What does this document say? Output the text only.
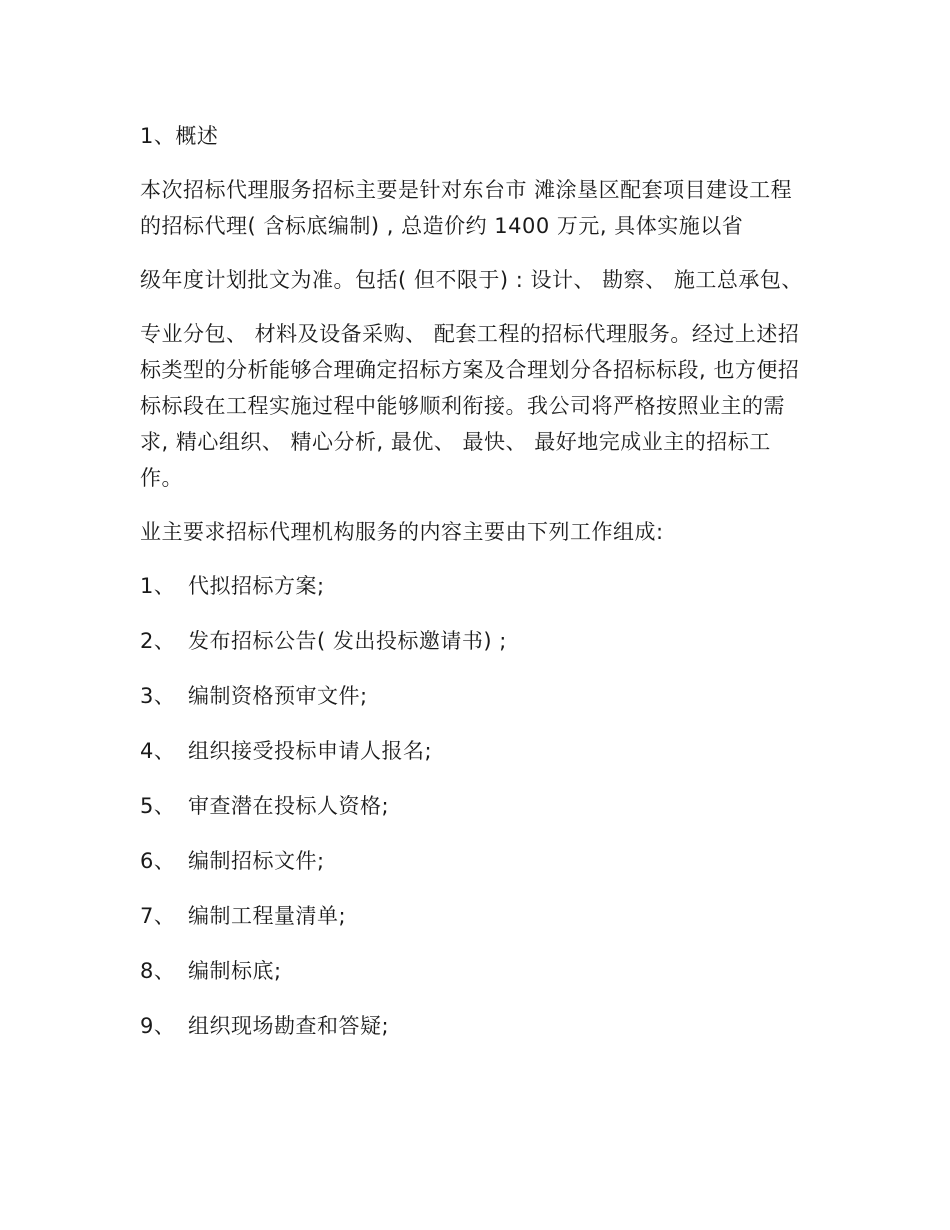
1、概述

本次招标代理服务招标主要是针对东台市 滩涂垦区配套项目建设工程的招标代理( 含标底编制) , 总造价约 1400 万元, 具体实施以省

级年度计划批文为准。包括( 但不限于) : 设计、 勘察、 施工总承包、

专业分包、 材料及设备采购、 配套工程的招标代理服务。经过上述招标类型的分析能够合理确定招标方案及合理划分各招标标段, 也方便招标标段在工程实施过程中能够顺利衔接。我公司将严格按照业主的需求, 精心组织、 精心分析, 最优、 最快、 最好地完成业主的招标工作。

业主要求招标代理机构服务的内容主要由下列工作组成:

1、 代拟招标方案;
2、 发布招标公告( 发出投标邀请书) ;
3、 编制资格预审文件;
4、 组织接受投标申请人报名;
5、 审查潜在投标人资格;
6、 编制招标文件;
7、 编制工程量清单;
8、 编制标底;
9、 组织现场勘查和答疑;
